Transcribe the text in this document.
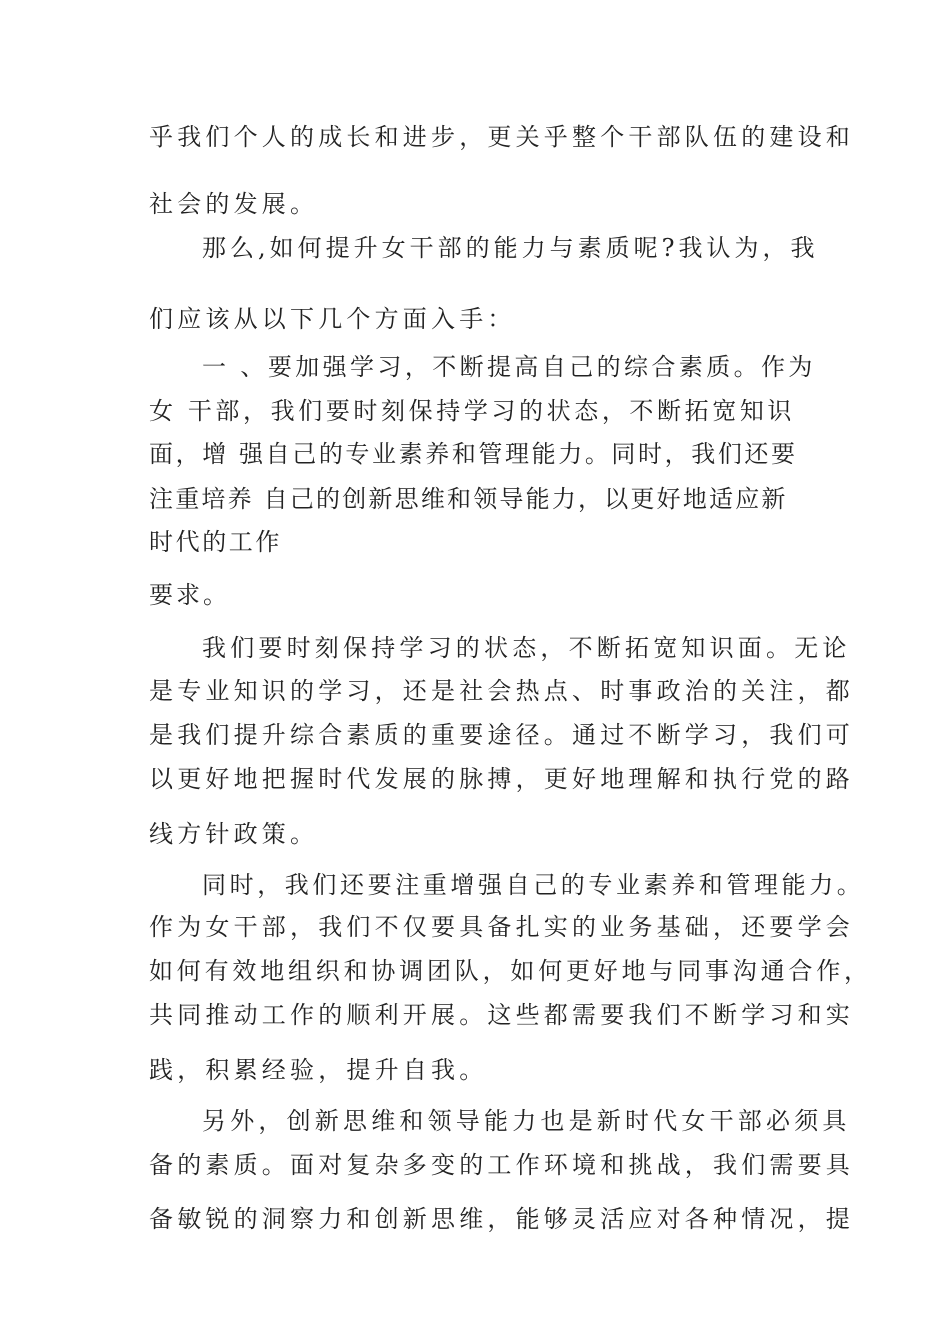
乎我们个人的成长和进步，更关乎整个干部队伍的建设和
社会的发展。
那么,如何提升女干部的能力与素质呢?我认为，我
们应该从以下几个方面入手：
一 、要加强学习，不断提高自己的综合素质。作为
女 干部，我们要时刻保持学习的状态，不断拓宽知识
面，增 强自己的专业素养和管理能力。同时，我们还要
注重培养 自己的创新思维和领导能力，以更好地适应新
时代的工作
要求。
我们要时刻保持学习的状态，不断拓宽知识面。无论
是专业知识的学习，还是社会热点、时事政治的关注，都
是我们提升综合素质的重要途径。通过不断学习，我们可
以更好地把握时代发展的脉搏，更好地理解和执行党的路
线方针政策。
同时，我们还要注重增强自己的专业素养和管理能力。
作为女干部，我们不仅要具备扎实的业务基础，还要学会
如何有效地组织和协调团队，如何更好地与同事沟通合作，
共同推动工作的顺利开展。这些都需要我们不断学习和实
践，积累经验，提升自我。
另外，创新思维和领导能力也是新时代女干部必须具
备的素质。面对复杂多变的工作环境和挑战，我们需要具
备敏锐的洞察力和创新思维，能够灵活应对各种情况，提
